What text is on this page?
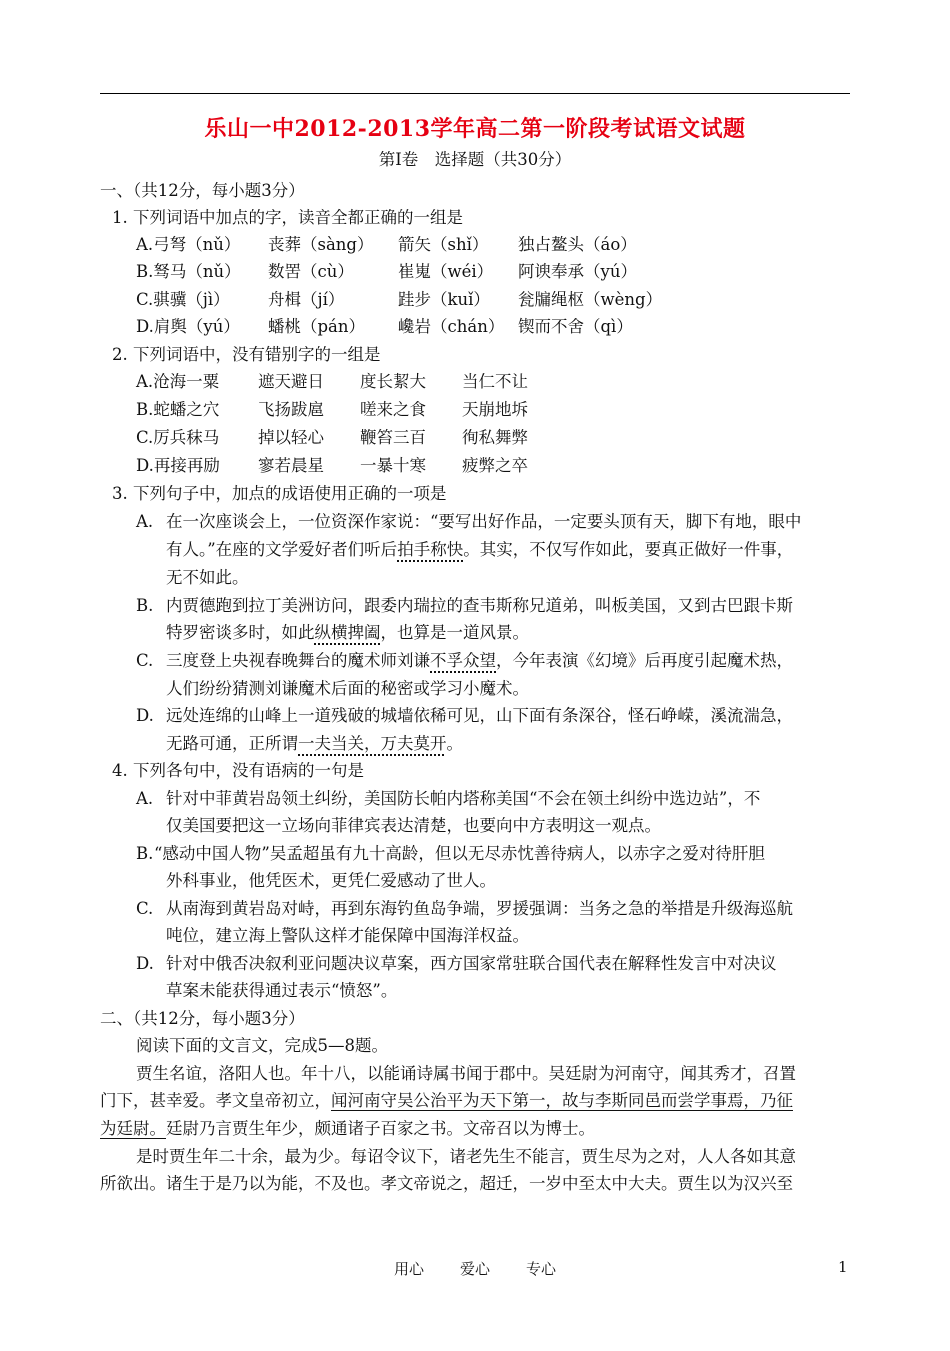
乐山一中2012-2013学年高二第一阶段考试语文试题
第Ⅰ卷　选择题（共30分）
一、（共12分，每小题3分）
1. 下列词语中加点的字，读音全都正确的一组是
A.弓弩（nǔ） 丧葬（sàng） 箭矢（shǐ） 独占鳌头（áo）
B.驽马（nǔ） 数罟（cù）	崔嵬（wéi） 阿谀奉承（yú）
C.骐骥（jì） 舟楫（jí）	跬步（kuǐ） 瓮牖绳枢（wèng）
D.肩舆（yú） 蟠桃（pán） 巉岩（chán） 锲而不舍（qì）
2. 下列词语中，没有错别字的一组是
A.沧海一粟 遮天避日 度长絜大 当仁不让
B.蛇蟠之穴 飞扬跋扈 嗟来之食 天崩地坼
C.厉兵秣马 掉以轻心 鞭笞三百 徇私舞弊
D.再接再励 寥若晨星 一暴十寒 疲弊之卒
3. 下列句子中，加点的成语使用正确的一项是
A. 在一次座谈会上，一位资深作家说：“要写出好作品，一定要头顶有天，脚下有地，眼中
有人。”在座的文学爱好者们听后拍手称快。其实，不仅写作如此，要真正做好一件事，
无不如此。
B. 内贾德跑到拉丁美洲访问，跟委内瑞拉的查韦斯称兄道弟，叫板美国，又到古巴跟卡斯
特罗密谈多时，如此纵横捭阖，也算是一道风景。
C. 三度登上央视春晚舞台的魔术师刘谦不孚众望，今年表演《幻境》后再度引起魔术热，
人们纷纷猜测刘谦魔术后面的秘密或学习小魔术。
D. 远处连绵的山峰上一道残破的城墙依稀可见，山下面有条深谷，怪石峥嵘，溪流湍急，
无路可通，正所谓一夫当关，万夫莫开。
4. 下列各句中，没有语病的一句是
A. 针对中菲黄岩岛领土纠纷，美国防长帕内塔称美国“不会在领土纠纷中选边站”，不
仅美国要把这一立场向菲律宾表达清楚，也要向中方表明这一观点。
B. “感动中国人物”吴孟超虽有九十高龄，但以无尽赤忱善待病人，以赤字之爱对待肝胆
外科事业，他凭医术，更凭仁爱感动了世人。
C. 从南海到黄岩岛对峙，再到东海钓鱼岛争端，罗援强调：当务之急的举措是升级海巡航
吨位，建立海上警队这样才能保障中国海洋权益。
D. 针对中俄否决叙利亚问题决议草案，西方国家常驻联合国代表在解释性发言中对决议
草案未能获得通过表示“愤怒”。
二、（共12分，每小题3分）
阅读下面的文言文，完成5—8题。
贾生名谊，洛阳人也。年十八，以能诵诗属书闻于郡中。吴廷尉为河南守，闻其秀才，召置
门下，甚幸爱。孝文皇帝初立，闻河南守吴公治平为天下第一，故与李斯同邑而尝学事焉，乃征
为廷尉。廷尉乃言贾生年少，颇通诸子百家之书。文帝召以为博士。
是时贾生年二十余，最为少。每诏令议下，诸老先生不能言，贾生尽为之对，人人各如其意
所欲出。诸生于是乃以为能，不及也。孝文帝说之，超迁，一岁中至太中大夫。贾生以为汉兴至
用心 爱心 专心	1
